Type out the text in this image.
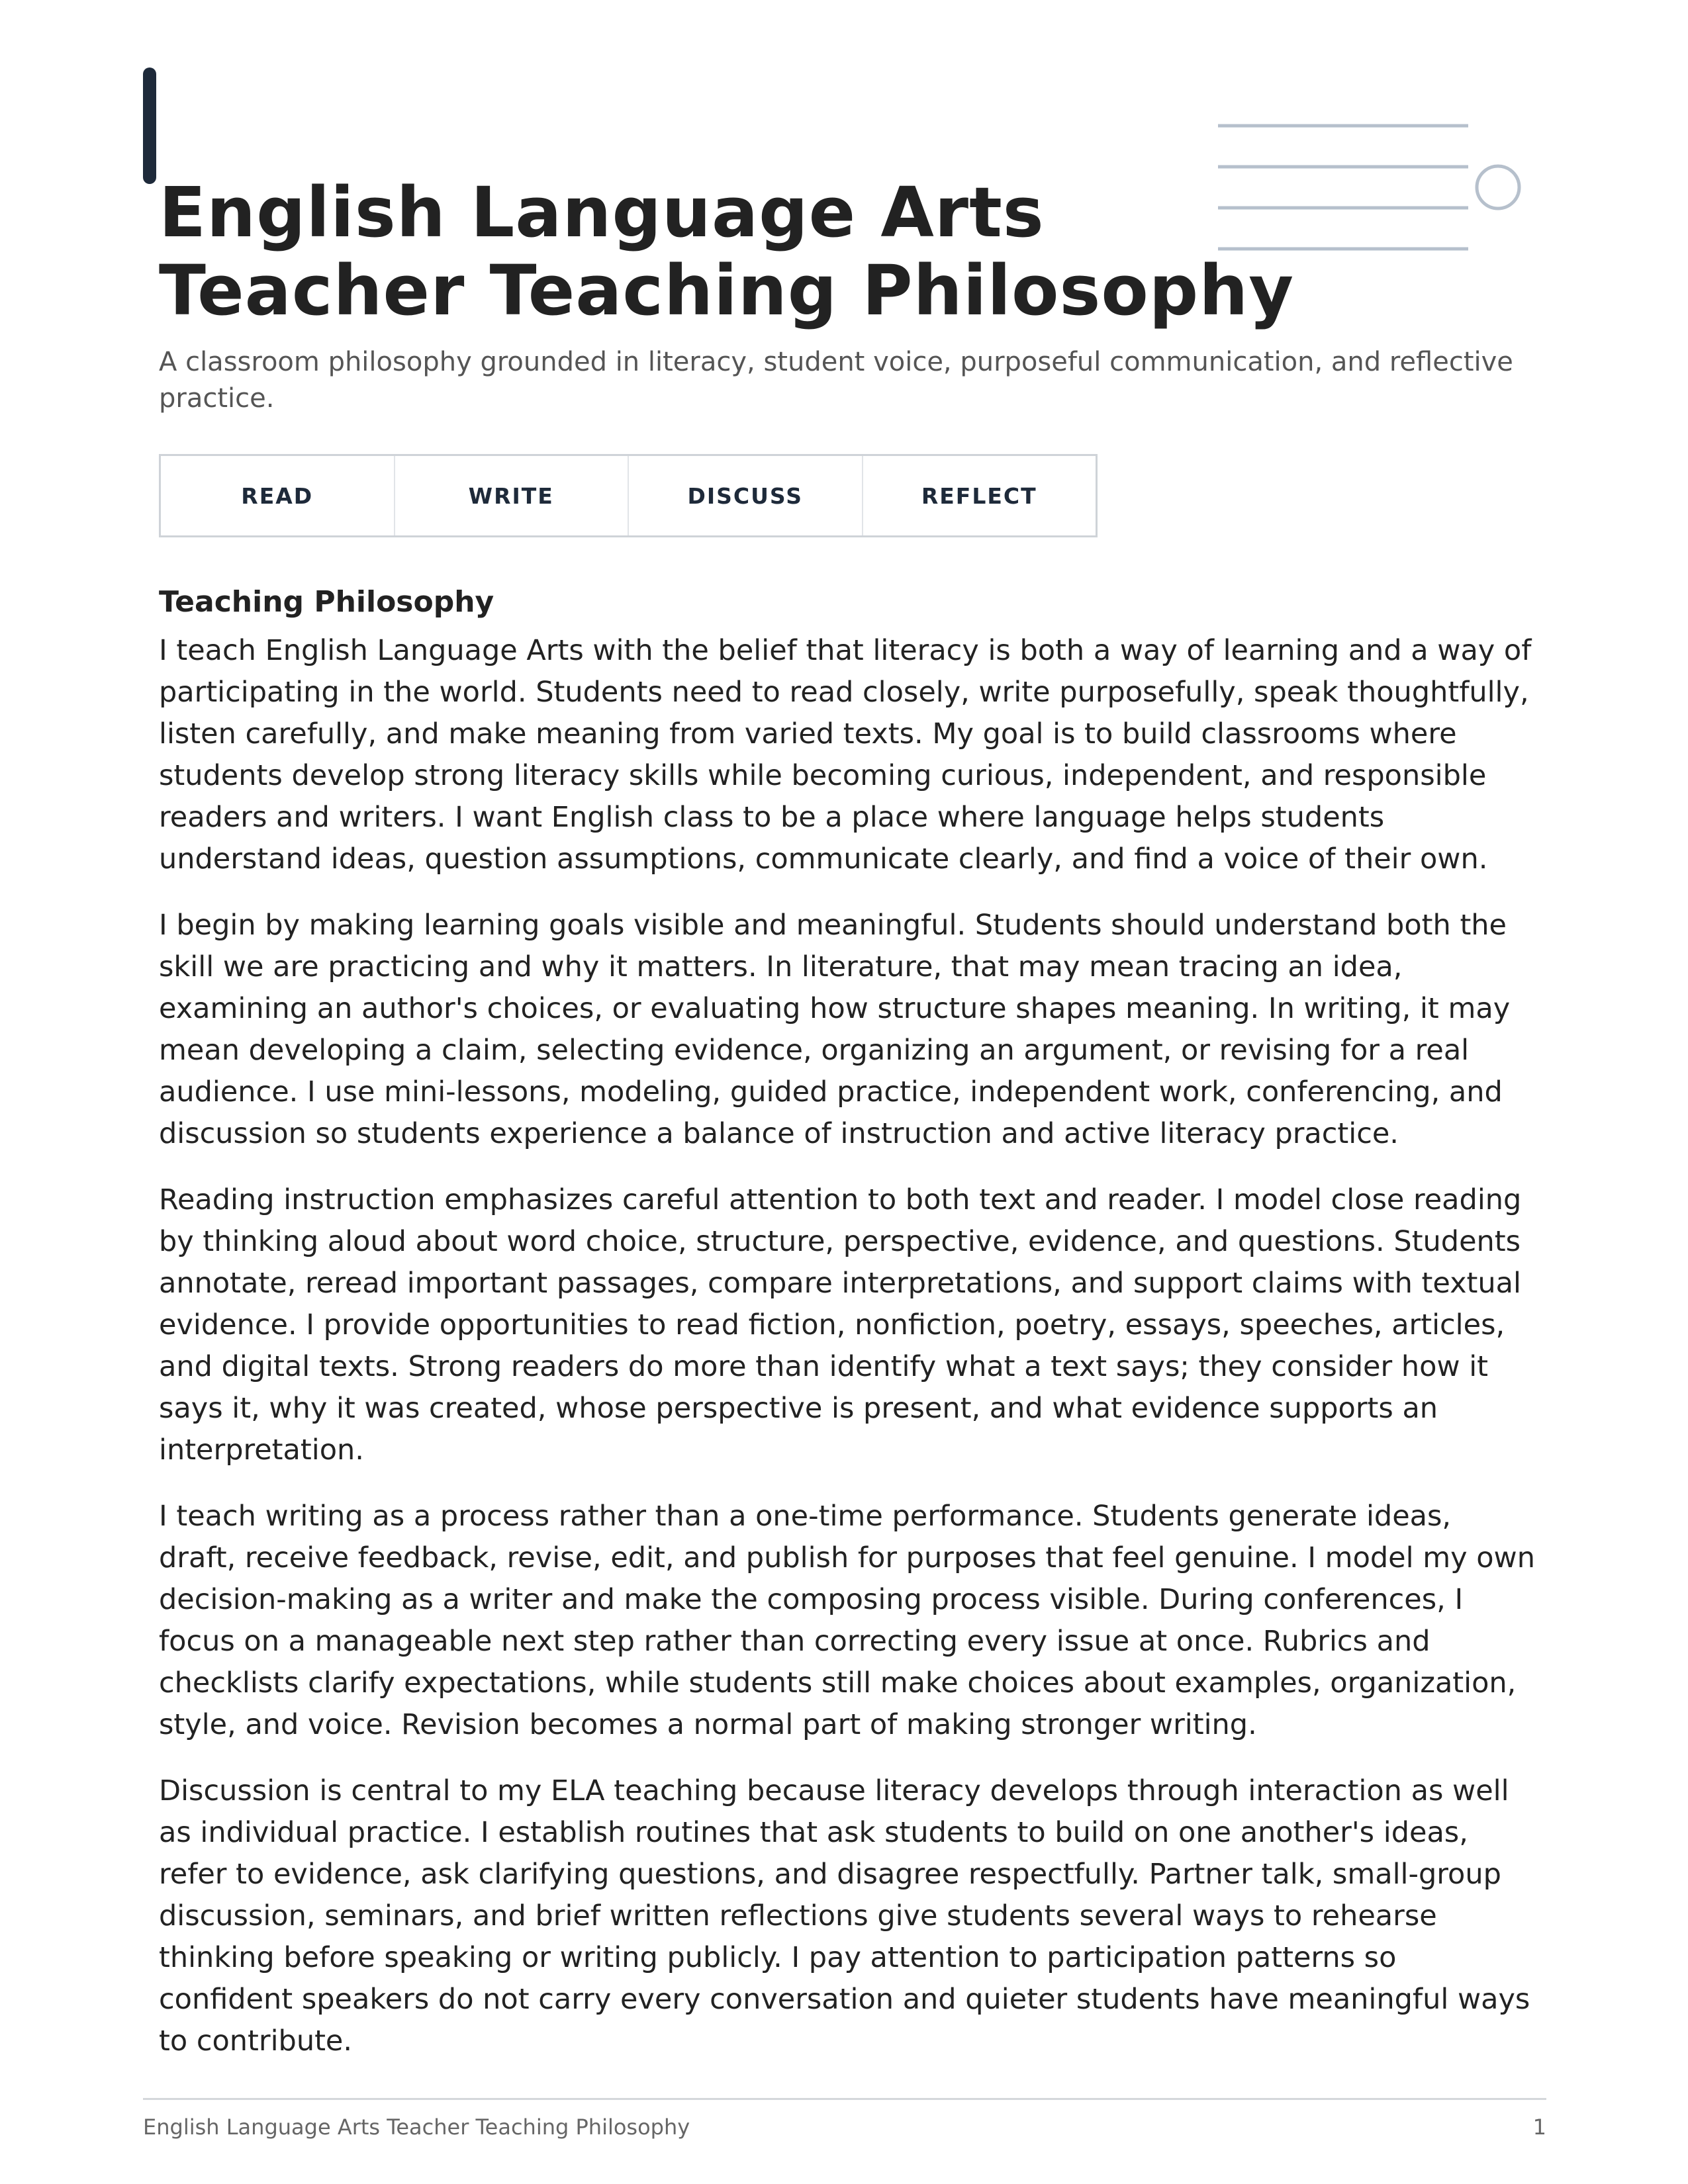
English Language Arts
Teacher Teaching Philosophy

A classroom philosophy grounded in literacy, student voice, purposeful communication, and reflective practice.

READ	WRITE	DISCUSS	REFLECT
Teaching Philosophy

I teach English Language Arts with the belief that literacy is both a way of learning and a way of participating in the world. Students need to read closely, write purposefully, speak thoughtfully, listen carefully, and make meaning from varied texts. My goal is to build classrooms where students develop strong literacy skills while becoming curious, independent, and responsible readers and writers. I want English class to be a place where language helps students understand ideas, question assumptions, communicate clearly, and find a voice of their own.

I begin by making learning goals visible and meaningful. Students should understand both the skill we are practicing and why it matters. In literature, that may mean tracing an idea, examining an author's choices, or evaluating how structure shapes meaning. In writing, it may mean developing a claim, selecting evidence, organizing an argument, or revising for a real audience. I use mini-lessons, modeling, guided practice, independent work, conferencing, and discussion so students experience a balance of instruction and active literacy practice.

Reading instruction emphasizes careful attention to both text and reader. I model close reading by thinking aloud about word choice, structure, perspective, evidence, and questions. Students annotate, reread important passages, compare interpretations, and support claims with textual evidence. I provide opportunities to read fiction, nonfiction, poetry, essays, speeches, articles, and digital texts. Strong readers do more than identify what a text says; they consider how it says it, why it was created, whose perspective is present, and what evidence supports an interpretation.

I teach writing as a process rather than a one-time performance. Students generate ideas, draft, receive feedback, revise, edit, and publish for purposes that feel genuine. I model my own decision-making as a writer and make the composing process visible. During conferences, I focus on a manageable next step rather than correcting every issue at once. Rubrics and checklists clarify expectations, while students still make choices about examples, organization, style, and voice. Revision becomes a normal part of making stronger writing.

Discussion is central to my ELA teaching because literacy develops through interaction as well as individual practice. I establish routines that ask students to build on one another's ideas, refer to evidence, ask clarifying questions, and disagree respectfully. Partner talk, small-group discussion, seminars, and brief written reflections give students several ways to rehearse thinking before speaking or writing publicly. I pay attention to participation patterns so confident speakers do not carry every conversation and quieter students have meaningful ways to contribute.

English Language Arts Teacher Teaching Philosophy	1
